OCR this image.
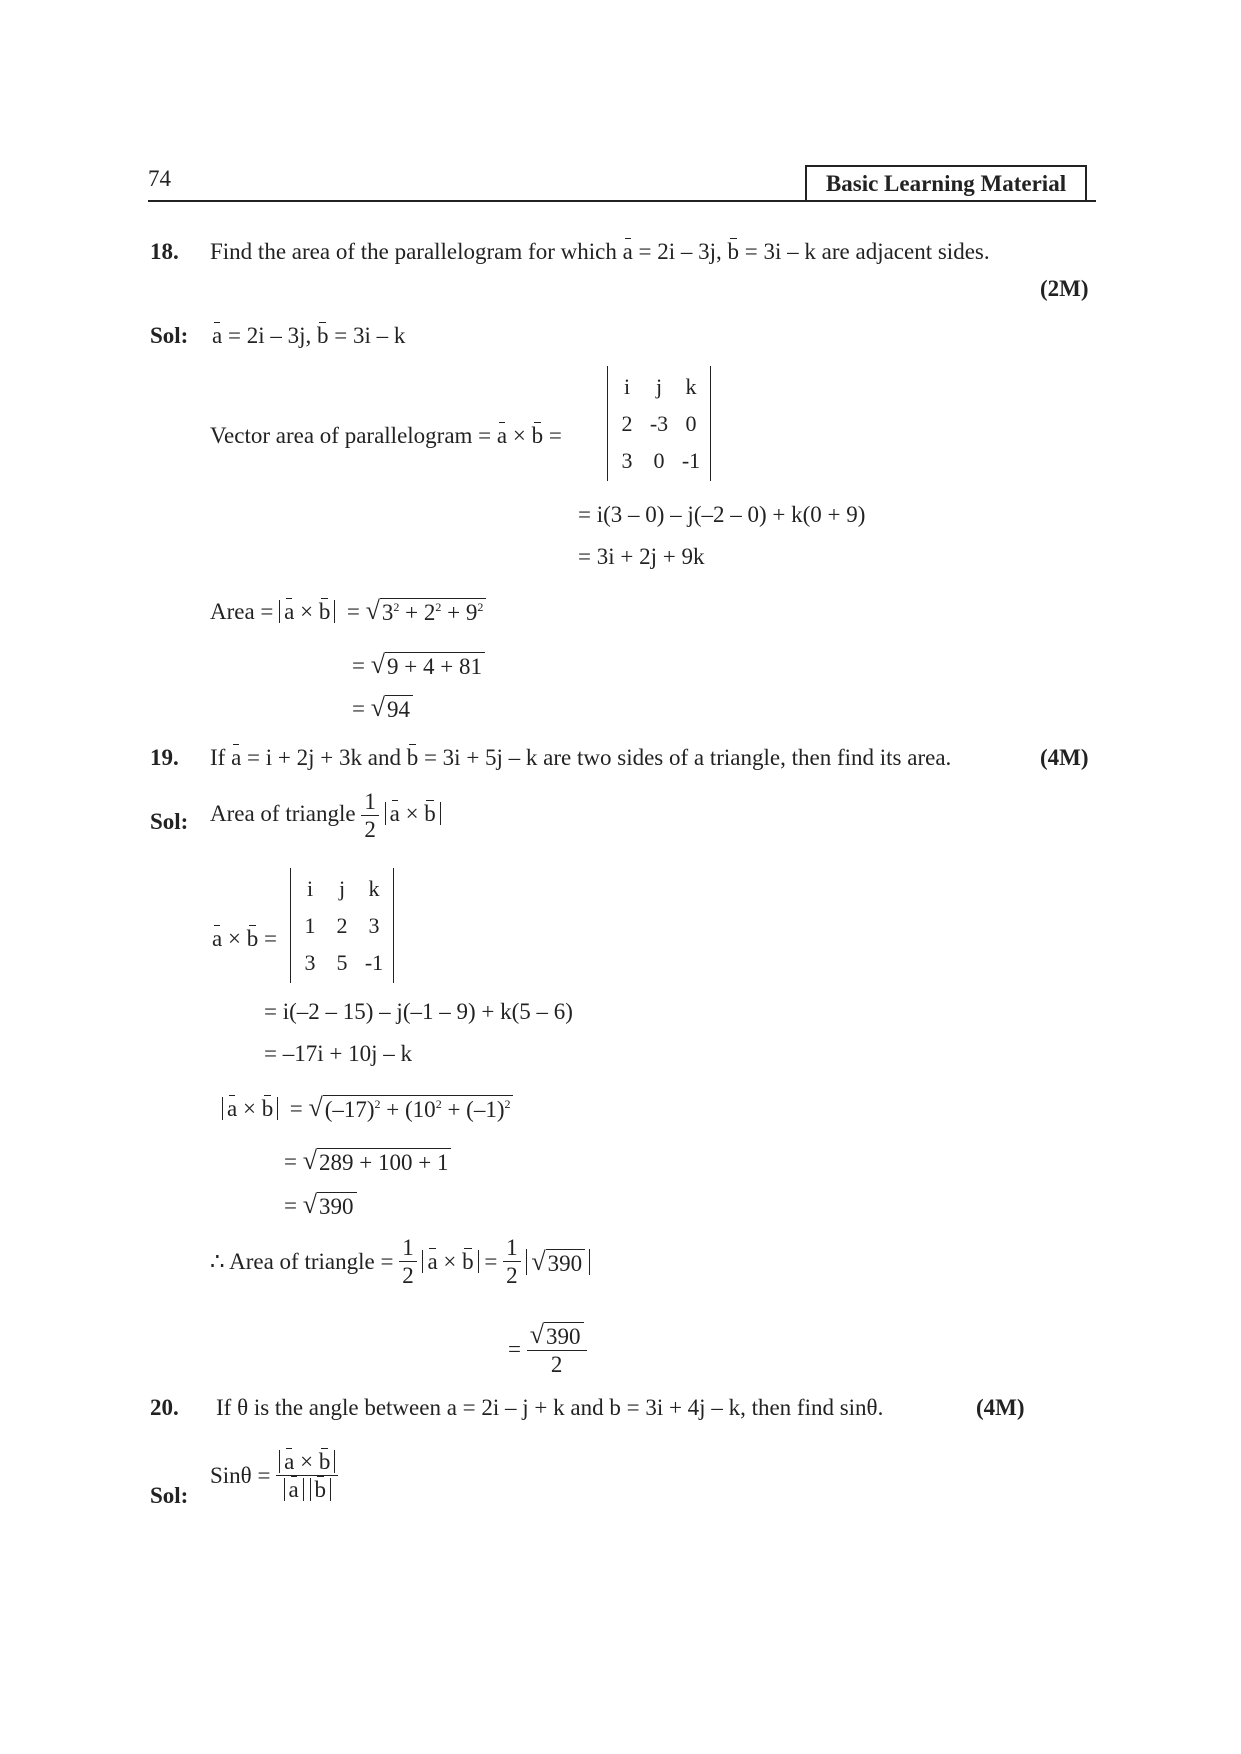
74	Basic Learning Material
18. Find the area of the parallelogram for which a = 2i – 3j, b = 3i – k are adjacent sides.
(2M)
Sol: a = 2i – 3j, b = 3i – k
Vector area of parallelogram = a × b =
i	j	k
2 -3 0
3 0 -1
= i(3 – 0) – j(–2 – 0) + k(0 + 9)
= 3i + 2j + 9k
Area = a × b = √ $3^2 + 2^2 + 9^2$
= √ 9 + 4 + 81
= √ 94
19. If a = i + 2j + 3k and b = 3i + 5j – k are two sides of a triangle, then find its area.	(4M)
Sol: Area of triangle $\frac{1}{2}$ a × b
a × b =
i	j	k
1 2 3
3 5 -1
= i(–2 – 15) – j(–1 – 9) + k(5 – 6)
= –17i + 10j – k
a × b = √ $(-17)^2 + (10^2 + (-1)^2$
= √ 289 + 100 + 1
= √ 390
∴ Area of triangle = $\frac{1}{2}$ $a \times b = \frac{1}{2}$
√ 390
= $\frac{√ 390}{2}$
20. If θ is the angle between a = 2i – j + k and b = 3i + 4j – k, then find sinθ.	(4M)
Sol:
$Sin\theta = \frac{a \times b}{\text{a b}}$
